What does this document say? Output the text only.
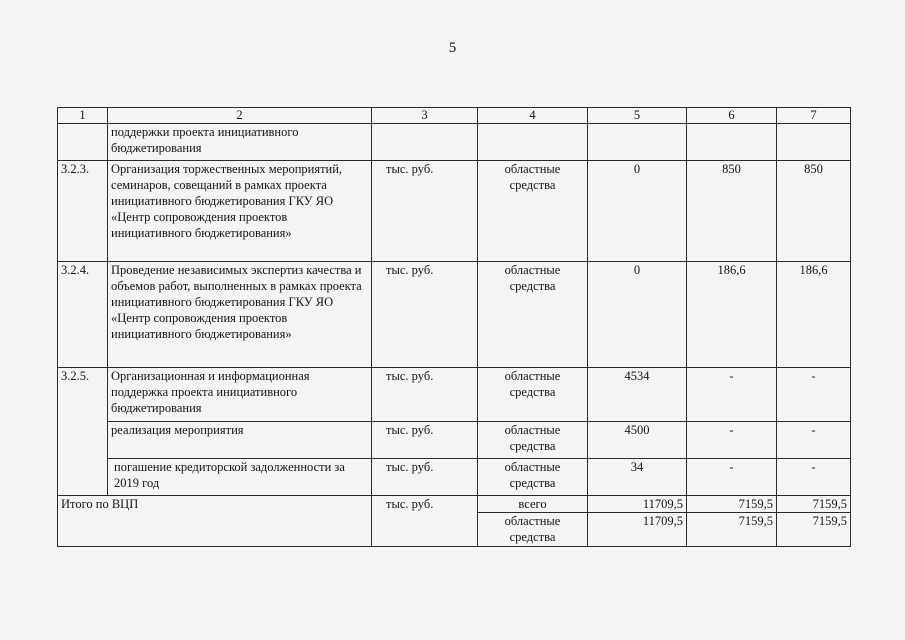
5
1	2	3	4	5	6	7
	поддержки проекта инициативного бюджетирования					
3.2.3.	Организация торжественных мероприятий, семинаров, совещаний в рамках проекта инициативного бюджетирования ГКУ ЯО «Центр сопровождения проектов инициативного бюджетирования»	тыс. руб.	областные средства	0	850	850
3.2.4.	Проведение независимых экспертиз качества и объемов работ, выполненных в рамках проекта инициативного бюджетирования ГКУ ЯО «Центр сопровождения проектов инициативного бюджетирования»	тыс. руб.	областные средства	0	186,6	186,6
3.2.5.	Организационная и информационная поддержка проекта инициативного бюджетирования	тыс. руб.	областные средства	4534	-	-
	реализация мероприятия	тыс. руб.	областные средства	4500	-	-
	погашение кредиторской задолженности за 2019 год	тыс. руб.	областные средства	34	-	-
Итого по ВЦП		тыс. руб.	всего	11709,5	7159,5	7159,5
			областные средства	11709,5	7159,5	7159,5
